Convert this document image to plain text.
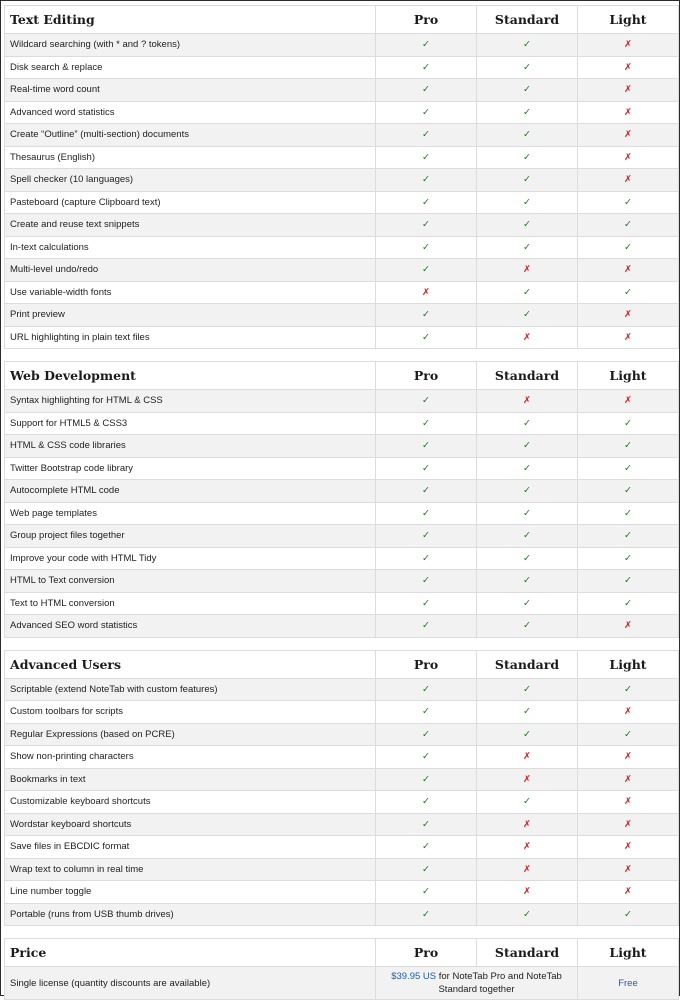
Text Editing	Pro	Standard	Light
Wildcard searching (with * and ? tokens)	✓	✓	✗
Disk search & replace	✓	✓	✗
Real-time word count	✓	✓	✗
Advanced word statistics	✓	✓	✗
Create “Outline” (multi-section) documents	✓	✓	✗
Thesaurus (English)	✓	✓	✗
Spell checker (10 languages)	✓	✓	✗
Pasteboard (capture Clipboard text)	✓	✓	✓
Create and reuse text snippets	✓	✓	✓
In-text calculations	✓	✓	✓
Multi-level undo/redo	✓	✗	✗
Use variable-width fonts	✗	✓	✓
Print preview	✓	✓	✗
URL highlighting in plain text files	✓	✗	✗
Web Development	Pro	Standard	Light
Syntax highlighting for HTML & CSS	✓	✗	✗
Support for HTML5 & CSS3	✓	✓	✓
HTML & CSS code libraries	✓	✓	✓
Twitter Bootstrap code library	✓	✓	✓
Autocomplete HTML code	✓	✓	✓
Web page templates	✓	✓	✓
Group project files together	✓	✓	✓
Improve your code with HTML Tidy	✓	✓	✓
HTML to Text conversion	✓	✓	✓
Text to HTML conversion	✓	✓	✓
Advanced SEO word statistics	✓	✓	✗
Advanced Users	Pro	Standard	Light
Scriptable (extend NoteTab with custom features)	✓	✓	✓
Custom toolbars for scripts	✓	✓	✗
Regular Expressions (based on PCRE)	✓	✓	✓
Show non-printing characters	✓	✗	✗
Bookmarks in text	✓	✗	✗
Customizable keyboard shortcuts	✓	✓	✗
Wordstar keyboard shortcuts	✓	✗	✗
Save files in EBCDIC format	✓	✗	✗
Wrap text to column in real time	✓	✗	✗
Line number toggle	✓	✗	✗
Portable (runs from USB thumb drives)	✓	✓	✓
Price	Pro	Standard	Light
Single license (quantity discounts are available)	$39.95 US for NoteTab Pro and NoteTab Standard together		Free
